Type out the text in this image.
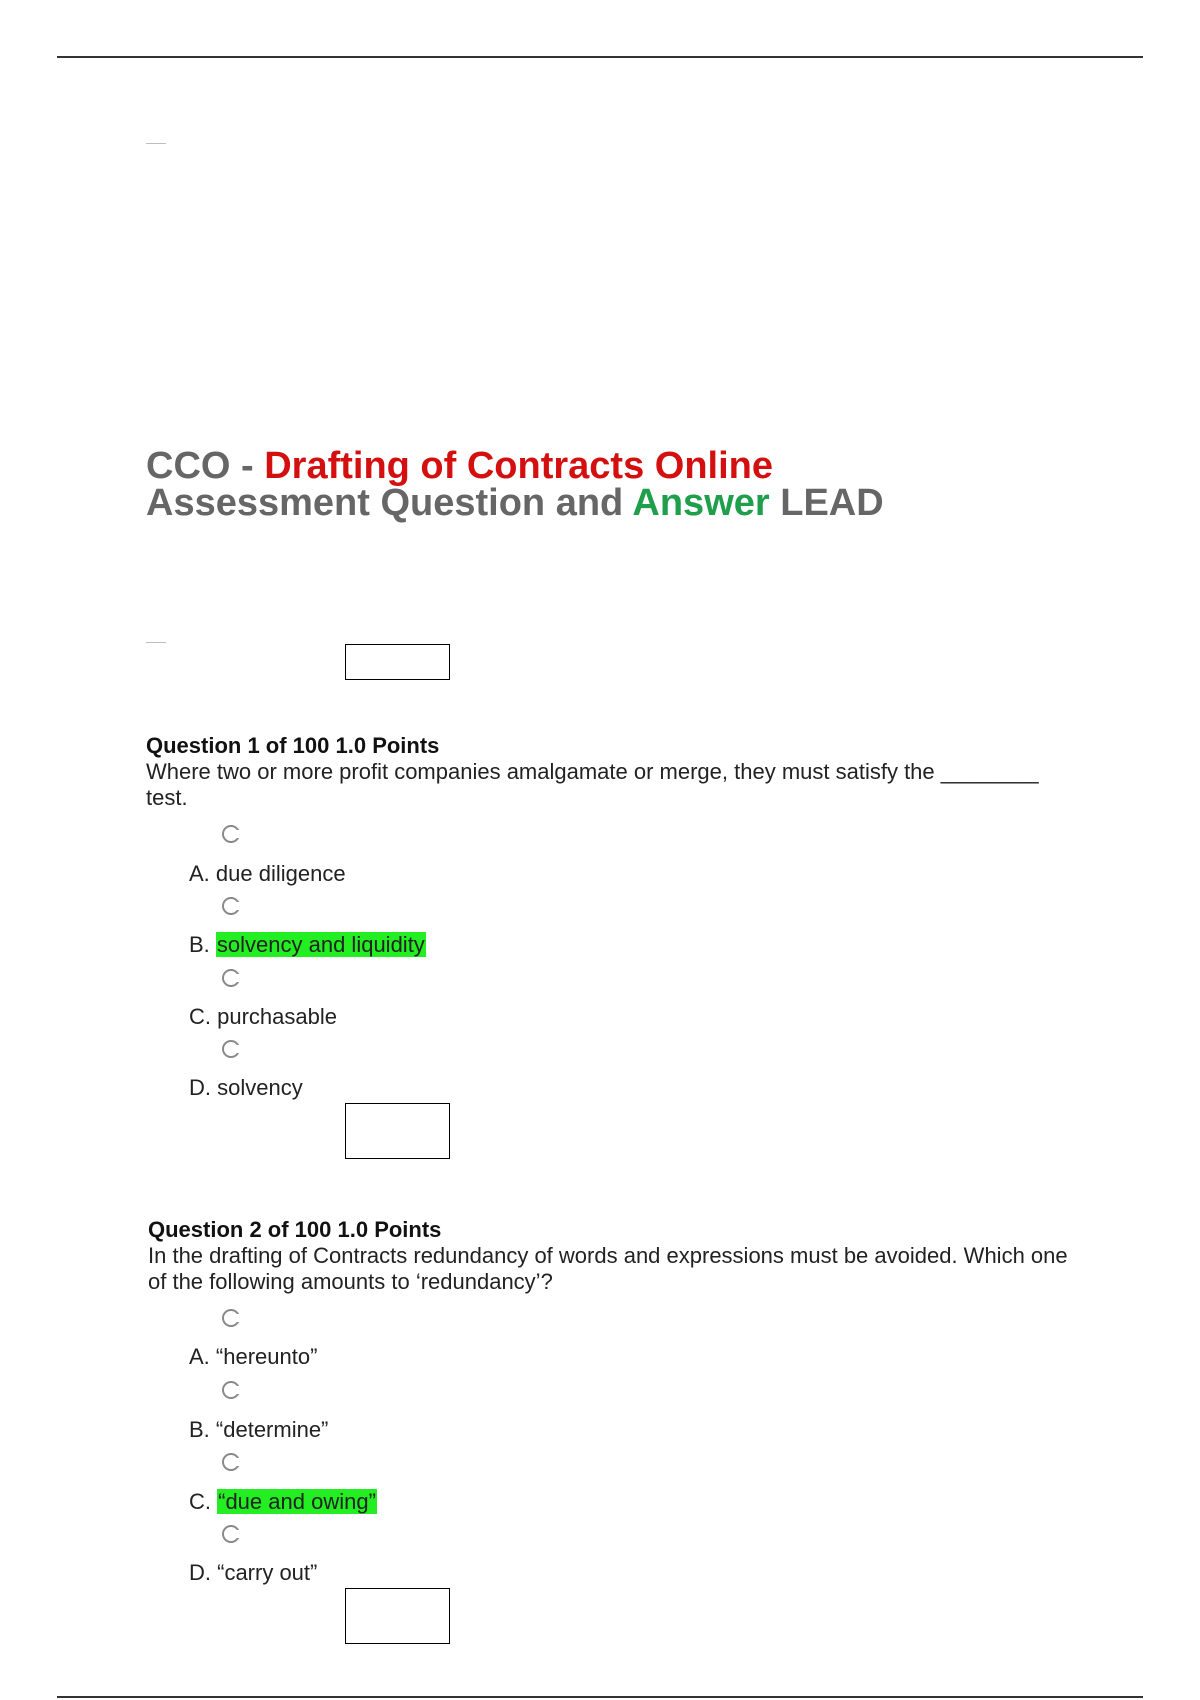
CCO - Drafting of Contracts Online
Assessment Question and Answer LEAD
Question 1 of 100 1.0 Points
Where two or more profit companies amalgamate or merge, they must satisfy the ________ test.
A. due diligence
B. solvency and liquidity
C. purchasable
D. solvency
Question 2 of 100 1.0 Points
In the drafting of Contracts redundancy of words and expressions must be avoided. Which one of the following amounts to ‘redundancy’?
A. “hereunto”
B. “determine”
C. “due and owing”
D. “carry out”
